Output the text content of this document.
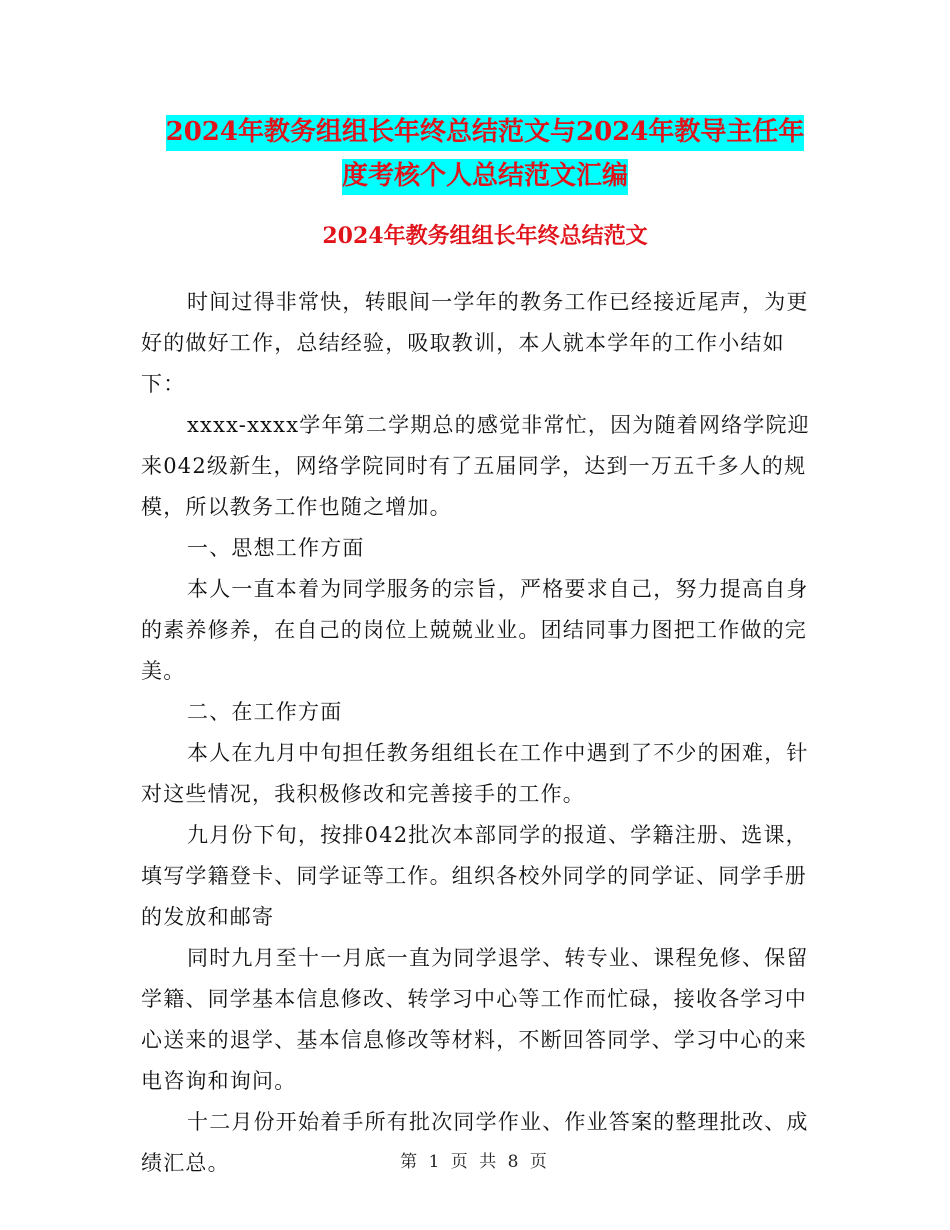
2024年教务组组长年终总结范文与2024年教导主任年
度考核个人总结范文汇编
2024年教务组组长年终总结范文

时间过得非常快，转眼间一学年的教务工作已经接近尾声，为更好的做好工作，总结经验，吸取教训，本人就本学年的工作小结如下：

xxxx-xxxx学年第二学期总的感觉非常忙，因为随着网络学院迎来042级新生，网络学院同时有了五届同学，达到一万五千多人的规模，所以教务工作也随之增加。

一、思想工作方面

本人一直本着为同学服务的宗旨，严格要求自己，努力提高自身的素养修养，在自己的岗位上兢兢业业。团结同事力图把工作做的完美。

二、在工作方面

本人在九月中旬担任教务组组长在工作中遇到了不少的困难，针对这些情况，我积极修改和完善接手的工作。

九月份下旬，按排042批次本部同学的报道、学籍注册、选课，填写学籍登卡、同学证等工作。组织各校外同学的同学证、同学手册的发放和邮寄

同时九月至十一月底一直为同学退学、转专业、课程免修、保留学籍、同学基本信息修改、转学习中心等工作而忙碌，接收各学习中心送来的退学、基本信息修改等材料，不断回答同学、学习中心的来电咨询和询问。

十二月份开始着手所有批次同学作业、作业答案的整理批改、成绩汇总。	第 1 页 共 8 页
